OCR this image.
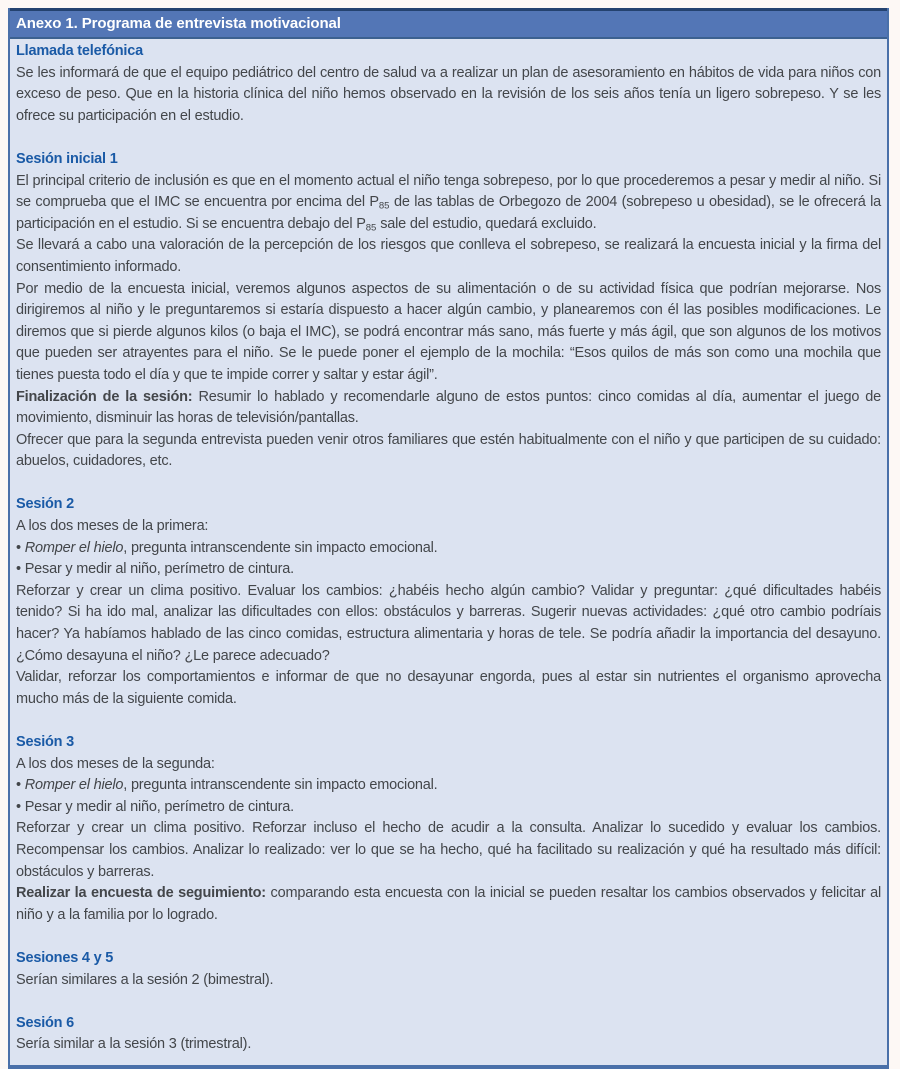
Anexo 1. Programa de entrevista motivacional
Llamada telefónica
Se les informará de que el equipo pediátrico del centro de salud va a realizar un plan de asesoramiento en hábitos de vida para niños con exceso de peso. Que en la historia clínica del niño hemos observado en la revisión de los seis años tenía un ligero sobrepeso. Y se les ofrece su participación en el estudio.
Sesión inicial 1
El principal criterio de inclusión es que en el momento actual el niño tenga sobrepeso, por lo que procederemos a pesar y medir al niño. Si se comprueba que el IMC se encuentra por encima del $P_{85}$ de las tablas de Orbegozo de 2004 (sobrepeso u obesidad), se le ofrecerá la participación en el estudio. Si se encuentra debajo del $P_{85}$ sale del estudio, quedará excluido.
Se llevará a cabo una valoración de la percepción de los riesgos que conlleva el sobrepeso, se realizará la encuesta inicial y la firma del consentimiento informado.
Por medio de la encuesta inicial, veremos algunos aspectos de su alimentación o de su actividad física que podrían mejorarse. Nos dirigiremos al niño y le preguntaremos si estaría dispuesto a hacer algún cambio, y planearemos con él las posibles modificaciones. Le diremos que si pierde algunos kilos (o baja el IMC), se podrá encontrar más sano, más fuerte y más ágil, que son algunos de los motivos que pueden ser atrayentes para el niño. Se le puede poner el ejemplo de la mochila: “Esos quilos de más son como una mochila que tienes puesta todo el día y que te impide correr y saltar y estar ágil”.
Finalización de la sesión: Resumir lo hablado y recomendarle alguno de estos puntos: cinco comidas al día, aumentar el juego de movimiento, disminuir las horas de televisión/pantallas.
Ofrecer que para la segunda entrevista pueden venir otros familiares que estén habitualmente con el niño y que participen de su cuidado: abuelos, cuidadores, etc.
Sesión 2
A los dos meses de la primera:
• Romper el hielo, pregunta intranscendente sin impacto emocional.
• Pesar y medir al niño, perímetro de cintura.
Reforzar y crear un clima positivo. Evaluar los cambios: ¿habéis hecho algún cambio? Validar y preguntar: ¿qué dificultades habéis tenido? Si ha ido mal, analizar las dificultades con ellos: obstáculos y barreras. Sugerir nuevas actividades: ¿qué otro cambio podríais hacer? Ya habíamos hablado de las cinco comidas, estructura alimentaria y horas de tele. Se podría añadir la importancia del desayuno. ¿Cómo desayuna el niño? ¿Le parece adecuado?
Validar, reforzar los comportamientos e informar de que no desayunar engorda, pues al estar sin nutrientes el organismo aprovecha mucho más de la siguiente comida.
Sesión 3
A los dos meses de la segunda:
• Romper el hielo, pregunta intranscendente sin impacto emocional.
• Pesar y medir al niño, perímetro de cintura.
Reforzar y crear un clima positivo. Reforzar incluso el hecho de acudir a la consulta. Analizar lo sucedido y evaluar los cambios. Recompensar los cambios. Analizar lo realizado: ver lo que se ha hecho, qué ha facilitado su realización y qué ha resultado más difícil: obstáculos y barreras.
Realizar la encuesta de seguimiento: comparando esta encuesta con la inicial se pueden resaltar los cambios observados y felicitar al niño y a la familia por lo logrado.
Sesiones 4 y 5
Serían similares a la sesión 2 (bimestral).
Sesión 6
Sería similar a la sesión 3 (trimestral).
